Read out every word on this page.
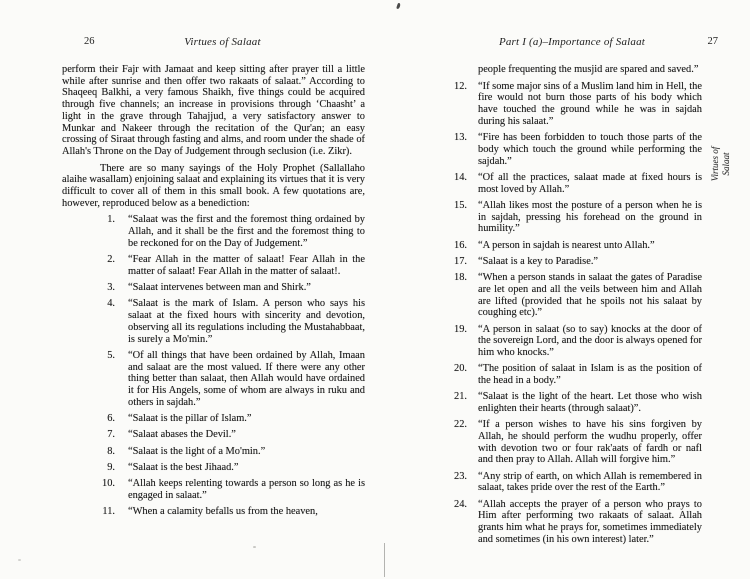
26	Virtues of Salaat

perform their Fajr with Jamaat and keep sitting after prayer till a little while after sunrise and then offer two rakaats of salaat.” According to Shaqeeq Balkhi, a very famous Shaikh, five things could be acquired through five channels; an increase in provisions through ‘Chaasht’ a light in the grave through Tahajjud, a very satisfactory answer to Munkar and Nakeer through the recitation of the Qur'an; an easy crossing of Siraat through fasting and alms, and room under the shade of Allah's Throne on the Day of Judgement through seclusion (i.e. Zikr).

There are so many sayings of the Holy Prophet (Sallallaho alaihe wasallam) enjoining salaat and explaining its virtues that it is very difficult to cover all of them in this small book. A few quotations are, however, reproduced below as a benediction:

1.	“Salaat was the first and the foremost thing ordained by Allah, and it shall be the first and the foremost thing to be reckoned for on the Day of Judgement.”
2.	“Fear Allah in the matter of salaat! Fear Allah in the matter of salaat! Fear Allah in the matter of salaat!.
3.	“Salaat intervenes between man and Shirk.”
4.	“Salaat is the mark of Islam. A person who says his salaat at the fixed hours with sincerity and devotion, observing all its regulations including the Mustahabbaat, is surely a Mo'min.”
5.	“Of all things that have been ordained by Allah, Imaan and salaat are the most valued. If there were any other thing better than salaat, then Allah would have ordained it for His Angels, some of whom are always in ruku and others in sajdah.”
6.	“Salaat is the pillar of Islam.”
7.	“Salaat abases the Devil.”
8.	“Salaat is the light of a Mo'min.”
9.	“Salaat is the best Jihaad.”
10.	“Allah keeps relenting towards a person so long as he is engaged in salaat.”
11.	“When a calamity befalls us from the heaven,
Part I (a)–Importance of Salaat	27

people frequenting the musjid are spared and saved.”

12.	“If some major sins of a Muslim land him in Hell, the fire would not burn those parts of his body which have touched the ground while he was in sajdah during his salaat.”
13.	“Fire has been forbidden to touch those parts of the body which touch the ground while performing the sajdah.”
14.	“Of all the practices, salaat made at fixed hours is most loved by Allah.”
15.	“Allah likes most the posture of a person when he is in sajdah, pressing his forehead on the ground in humility.”
16.	“A person in sajdah is nearest unto Allah.”
17.	“Salaat is a key to Paradise.”
18.	“When a person stands in salaat the gates of Paradise are let open and all the veils between him and Allah are lifted (provided that he spoils not his salaat by coughing etc).”
19.	“A person in salaat (so to say) knocks at the door of the sovereign Lord, and the door is always opened for him who knocks.”
20.	“The position of salaat in Islam is as the position of the head in a body.”
21.	“Salaat is the light of the heart. Let those who wish enlighten their hearts (through salaat)”.
22.	“If a person wishes to have his sins forgiven by Allah, he should perform the wudhu properly, offer with devotion two or four rak'aats of fardh or nafl and then pray to Allah. Allah will forgive him.”
23.	“Any strip of earth, on which Allah is remembered in salaat, takes pride over the rest of the Earth.”
24.	“Allah accepts the prayer of a person who prays to Him after performing two rakaats of salaat. Allah grants him what he prays for, sometimes immediately and sometimes (in his own interest) later.”
Virtues of Salaat
